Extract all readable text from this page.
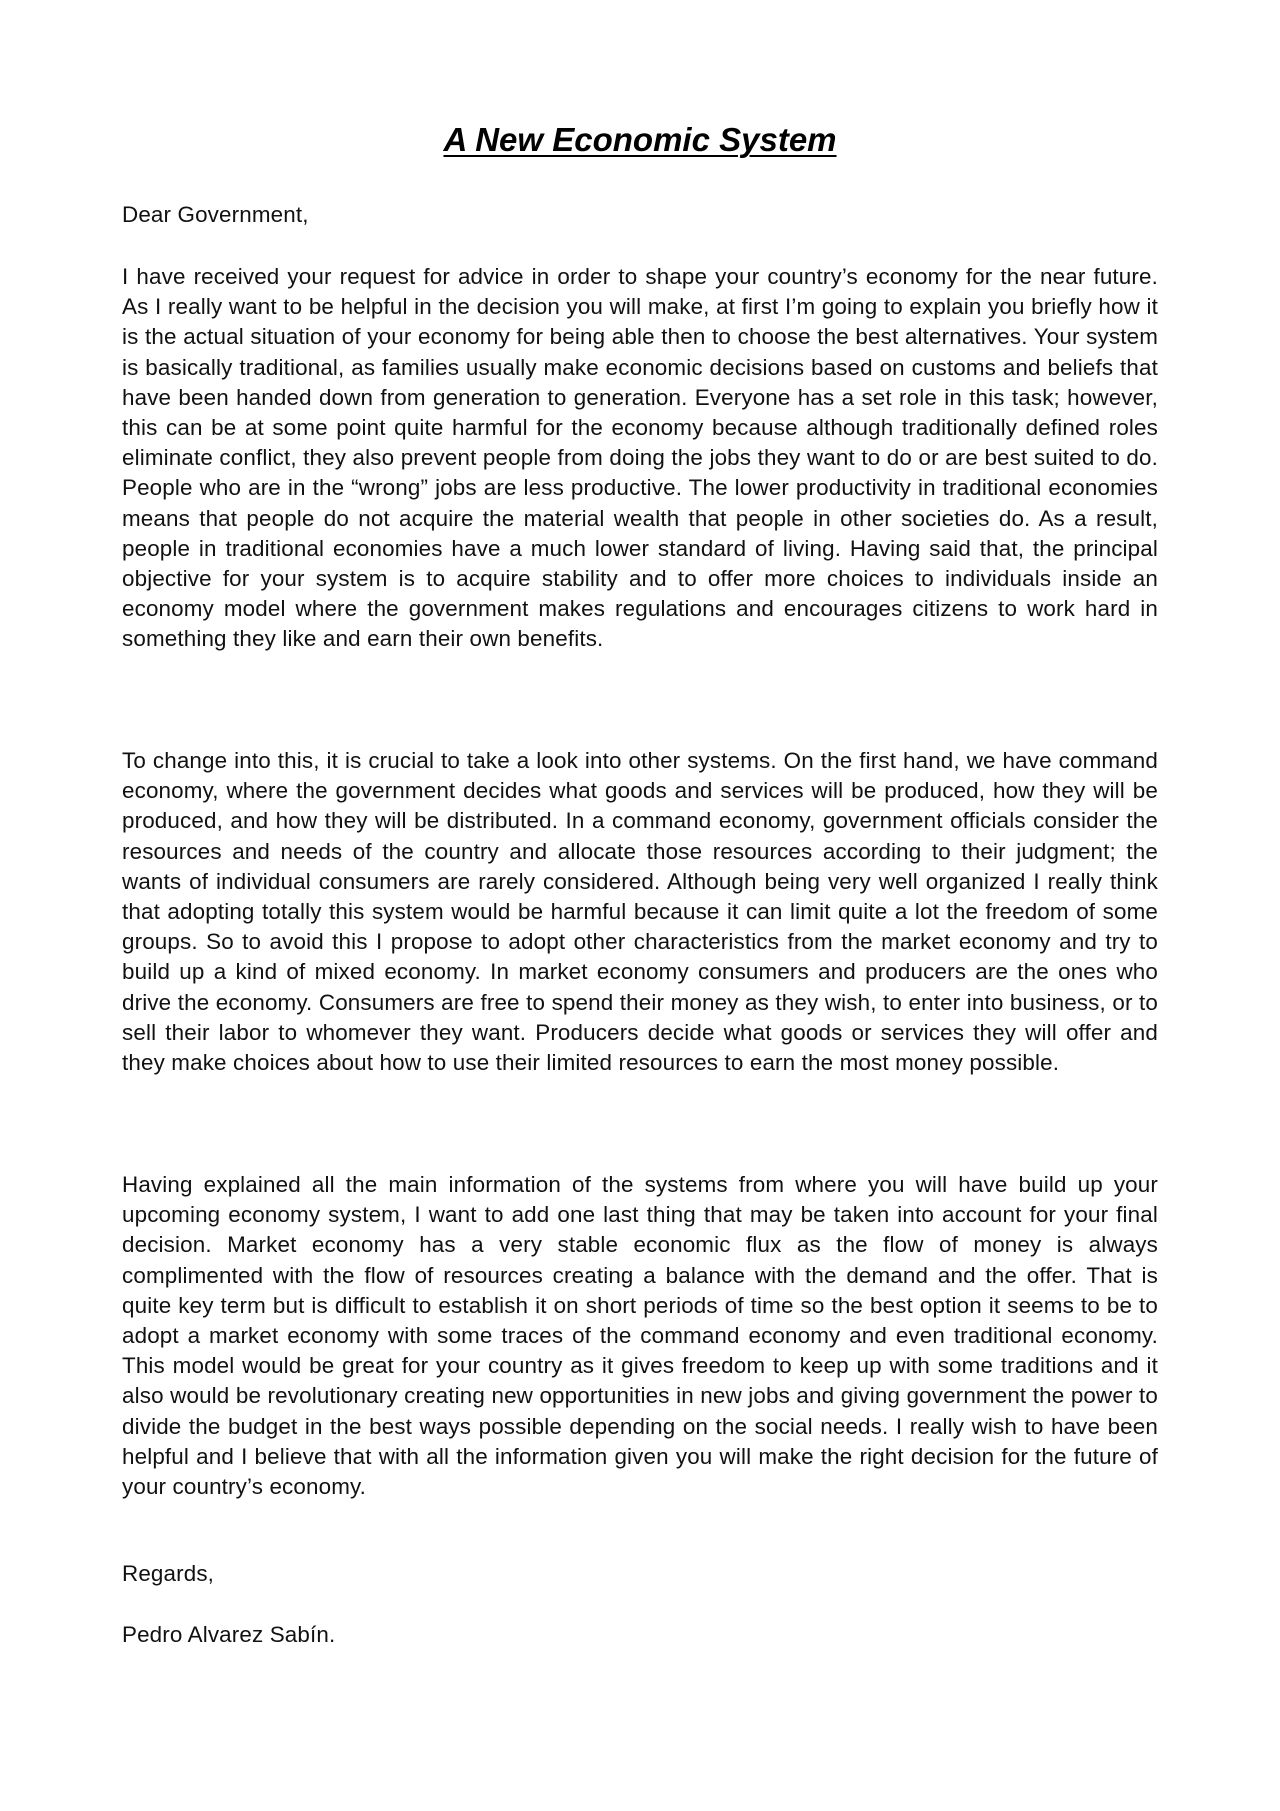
A New Economic System

Dear Government,

I have received your request for advice in order to shape your country’s economy for the near future. As I really want to be helpful in the decision you will make, at first I’m going to explain you briefly how it is the actual situation of your economy for being able then to choose the best alternatives. Your system is basically traditional, as families usually make economic decisions based on customs and beliefs that have been handed down from generation to generation. Everyone has a set role in this task; however, this can be at some point quite harmful for the economy because although traditionally defined roles eliminate conflict, they also prevent people from doing the jobs they want to do or are best suited to do. People who are in the “wrong” jobs are less productive. The lower productivity in traditional economies means that people do not acquire the material wealth that people in other societies do. As a result, people in traditional economies have a much lower standard of living. Having said that, the principal objective for your system is to acquire stability and to offer more choices to individuals inside an economy model where the government makes regulations and encourages citizens to work hard in something they like and earn their own benefits.

To change into this, it is crucial to take a look into other systems. On the first hand, we have command economy, where the government decides what goods and services will be produced, how they will be produced, and how they will be distributed. In a command economy, government officials consider the resources and needs of the country and allocate those resources according to their judgment; the wants of individual consumers are rarely considered. Although being very well organized I really think that adopting totally this system would be harmful because it can limit quite a lot the freedom of some groups. So to avoid this I propose to adopt other characteristics from the market economy and try to build up a kind of mixed economy. In market economy consumers and producers are the ones who drive the economy. Consumers are free to spend their money as they wish, to enter into business, or to sell their labor to whomever they want. Producers decide what goods or services they will offer and they make choices about how to use their limited resources to earn the most money possible.

Having explained all the main information of the systems from where you will have build up your upcoming economy system, I want to add one last thing that may be taken into account for your final decision. Market economy has a very stable economic flux as the flow of money is always complimented with the flow of resources creating a balance with the demand and the offer. That is quite key term but is difficult to establish it on short periods of time so the best option it seems to be to adopt a market economy with some traces of the command economy and even traditional economy. This model would be great for your country as it gives freedom to keep up with some traditions and it also would be revolutionary creating new opportunities in new jobs and giving government the power to divide the budget in the best ways possible depending on the social needs. I really wish to have been helpful and I believe that with all the information given you will make the right decision for the future of your country’s economy.

Regards,

Pedro Alvarez Sabín.
